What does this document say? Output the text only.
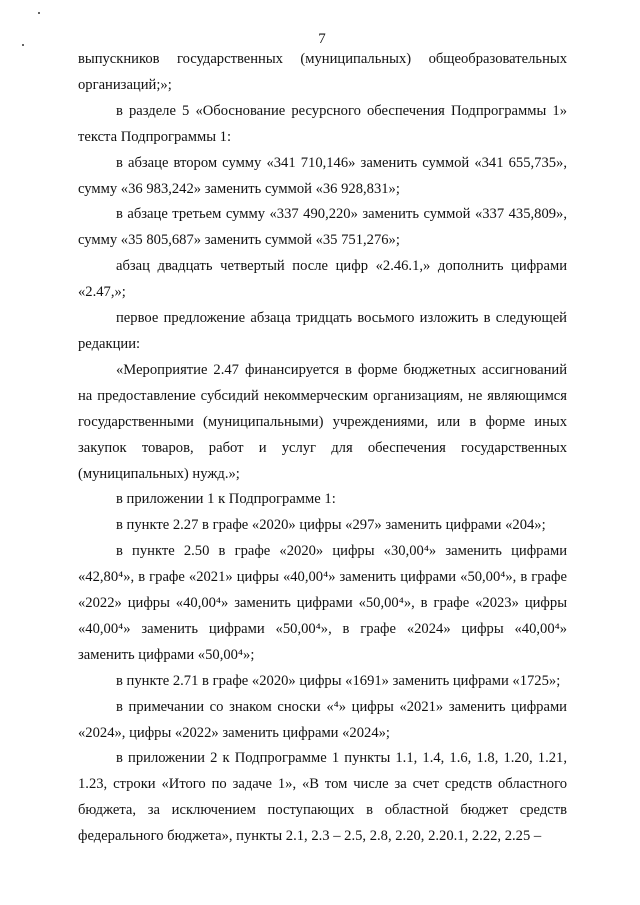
7

выпускников государственных (муниципальных) общеобразовательных организаций;»;

в разделе 5 «Обоснование ресурсного обеспечения Подпрограммы 1» текста Подпрограммы 1:

в абзаце втором сумму «341 710,146» заменить суммой «341 655,735», сумму «36 983,242» заменить суммой «36 928,831»;

в абзаце третьем сумму «337 490,220» заменить суммой «337 435,809», сумму «35 805,687» заменить суммой «35 751,276»;

абзац двадцать четвертый после цифр «2.46.1,» дополнить цифрами «2.47,»;

первое предложение абзаца тридцать восьмого изложить в следующей редакции:

«Мероприятие 2.47 финансируется в форме бюджетных ассигнований на предоставление субсидий некоммерческим организациям, не являющимся государственными (муниципальными) учреждениями, или в форме иных закупок товаров, работ и услуг для обеспечения государственных (муниципальных) нужд.»;

в приложении 1 к Подпрограмме 1:

в пункте 2.27 в графе «2020» цифры «297» заменить цифрами «204»;

в пункте 2.50 в графе «2020» цифры «30,00⁴» заменить цифрами «42,80⁴», в графе «2021» цифры «40,00⁴» заменить цифрами «50,00⁴», в графе «2022» цифры «40,00⁴» заменить цифрами «50,00⁴», в графе «2023» цифры «40,00⁴» заменить цифрами «50,00⁴», в графе «2024» цифры «40,00⁴» заменить цифрами «50,00⁴»;

в пункте 2.71 в графе «2020» цифры «1691» заменить цифрами «1725»;

в примечании со знаком сноски «⁴» цифры «2021» заменить цифрами «2024», цифры «2022» заменить цифрами «2024»;

в приложении 2 к Подпрограмме 1 пункты 1.1, 1.4, 1.6, 1.8, 1.20, 1.21, 1.23, строки «Итого по задаче 1», «В том числе за счет средств областного бюджета, за исключением поступающих в областной бюджет средств федерального бюджета», пункты 2.1, 2.3 – 2.5, 2.8, 2.20, 2.20.1, 2.22, 2.25 –
